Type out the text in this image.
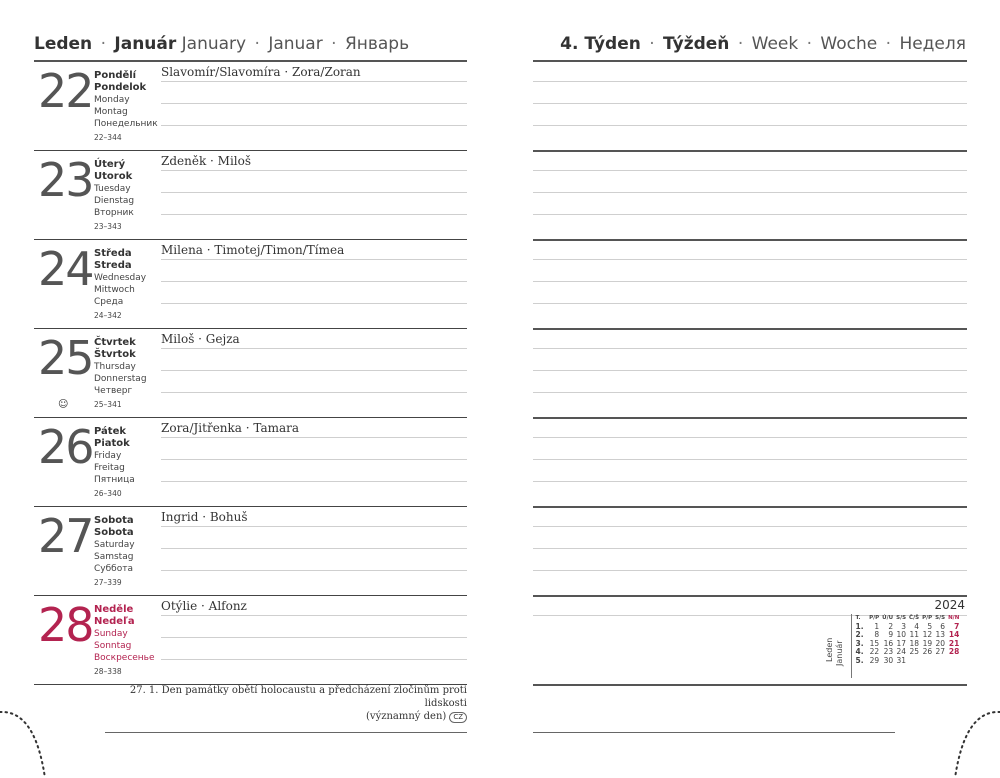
Leden · Január January · Januar · Январь
22 Pondělí
Pondelok
Monday
Montag
Понедельник
22–344
Slavomír/Slavomíra · Zora/Zoran
23 Úterý
Utorok
Tuesday
Dienstag
Вторник
23–343
Zdeněk · Miloš
24 Středa
Streda
Wednesday
Mittwoch
Среда
24–342
Milena · Timotej/Timon/Tímea
25 Čtvrtek
Štvrtok
Thursday
Donnerstag
Четверг
25–341
Miloš · Gejza
☺
26 Pátek
Piatok
Friday
Freitag
Пятница
26–340
Zora/Jitřenka · Tamara
27 Sobota
Sobota
Saturday
Samstag
Суббота
27–339
Ingrid · Bohuš
28 Neděle
Nedeľa
Sunday
Sonntag
Воскресенье
28–338
Otýlie · Alfonz
27. 1. Den památky obětí holocaustu a předcházení zločinům proti lidskosti
(významný den) CZ
4. Týden · Týždeň · Week · Woche · Неделя
2024
Leden Január
T.	P/P	Ú/U	S/S	Č/Š	P/P	S/S	N/N
1.	1	2	3	4	5	6	7
2.	8	9	10	11	12	13	14
3.	15	16	17	18	19	20	21
4.	22	23	24	25	26	27	28
5.	29	30	31				
